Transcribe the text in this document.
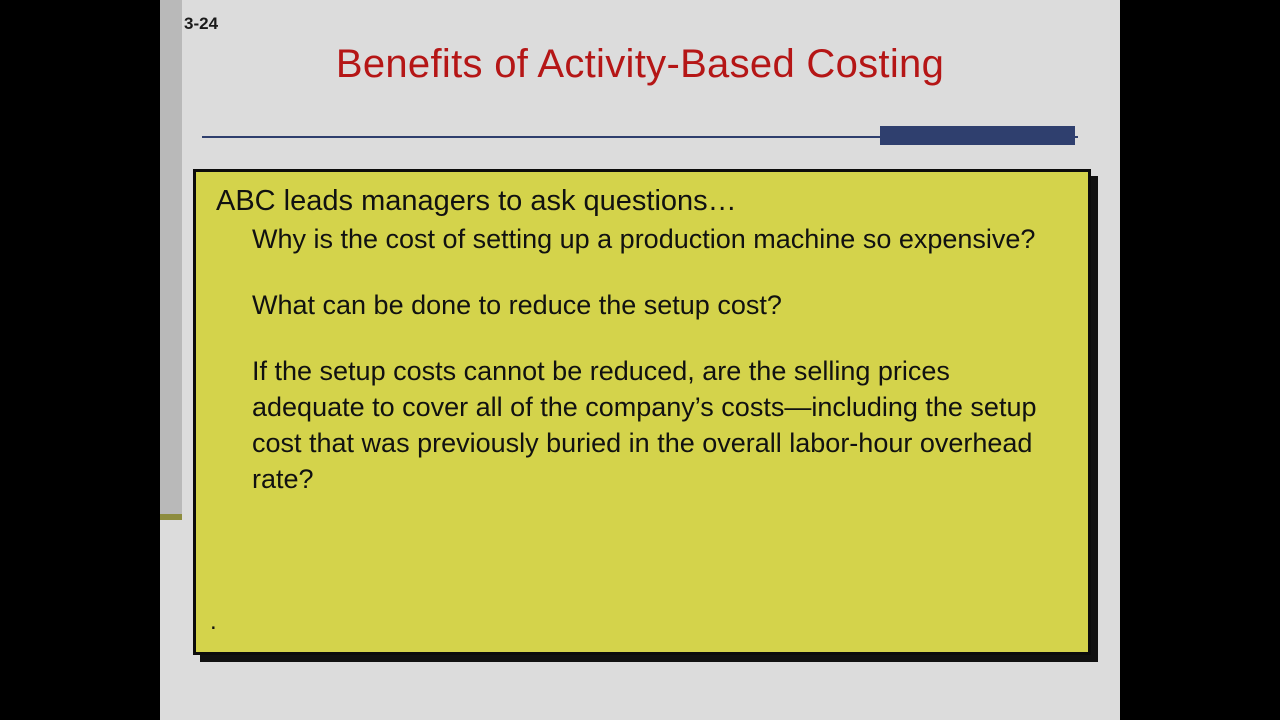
3-24
Benefits of Activity-Based Costing

ABC leads managers to ask questions…

Why is the cost of setting up a production machine so expensive?

What can be done to reduce the setup cost?

If the setup costs cannot be reduced, are the selling prices adequate to cover all of the company’s costs—including the setup cost that was previously buried in the overall labor-hour overhead rate?

.
